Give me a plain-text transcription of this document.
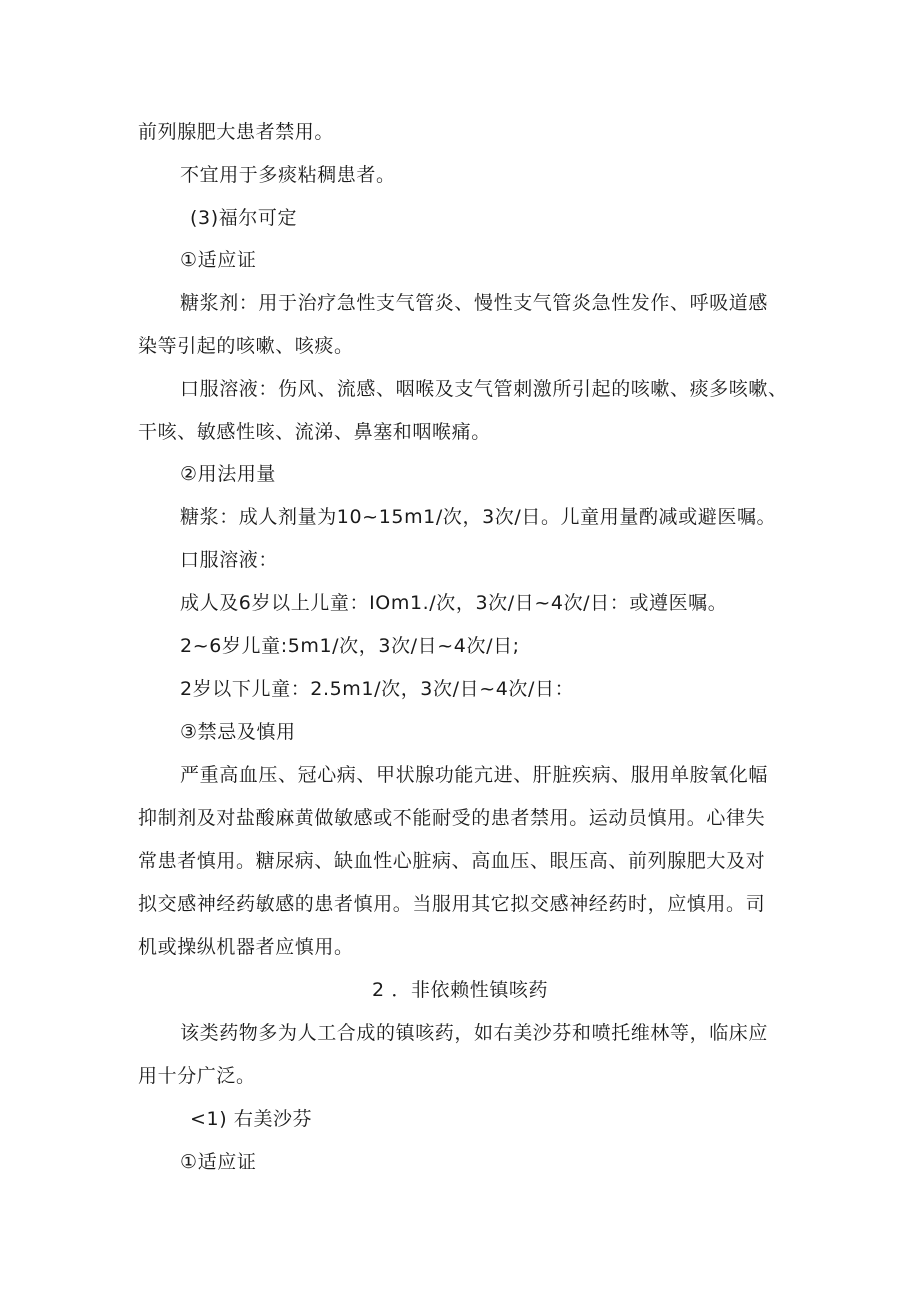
前列腺肥大患者禁用。
不宜用于多痰粘稠患者。
(3)福尔可定
①适应证
糖浆剂：用于治疗急性支气管炎、慢性支气管炎急性发作、呼吸道感
染等引起的咳嗽、咳痰。
口服溶液：伤风、流感、咽喉及支气管刺激所引起的咳嗽、痰多咳嗽、
干咳、敏感性咳、流涕、鼻塞和咽喉痛。
②用法用量
糖浆：成人剂量为10~15m1/次，3次/日。儿童用量酌减或避医嘱。
口服溶液：
成人及6岁以上儿童：IOm1./次，3次/日~4次/日：或遵医嘱。
2~6岁儿童:5m1/次，3次/日~4次/日;
2岁以下儿童：2.5m1/次，3次/日~4次/日：
③禁忌及慎用
严重高血压、冠心病、甲状腺功能亢进、肝脏疾病、服用单胺氧化幅
抑制剂及对盐酸麻黄做敏感或不能耐受的患者禁用。运动员慎用。心律失
常患者慎用。糖尿病、缺血性心脏病、高血压、眼压高、前列腺肥大及对
拟交感神经药敏感的患者慎用。当服用其它拟交感神经药时，应慎用。司
机或操纵机器者应慎用。
2 ．非依赖性镇咳药
该类药物多为人工合成的镇咳药，如右美沙芬和喷托维林等，临床应
用十分广泛。
<1) 右美沙芬
①适应证
